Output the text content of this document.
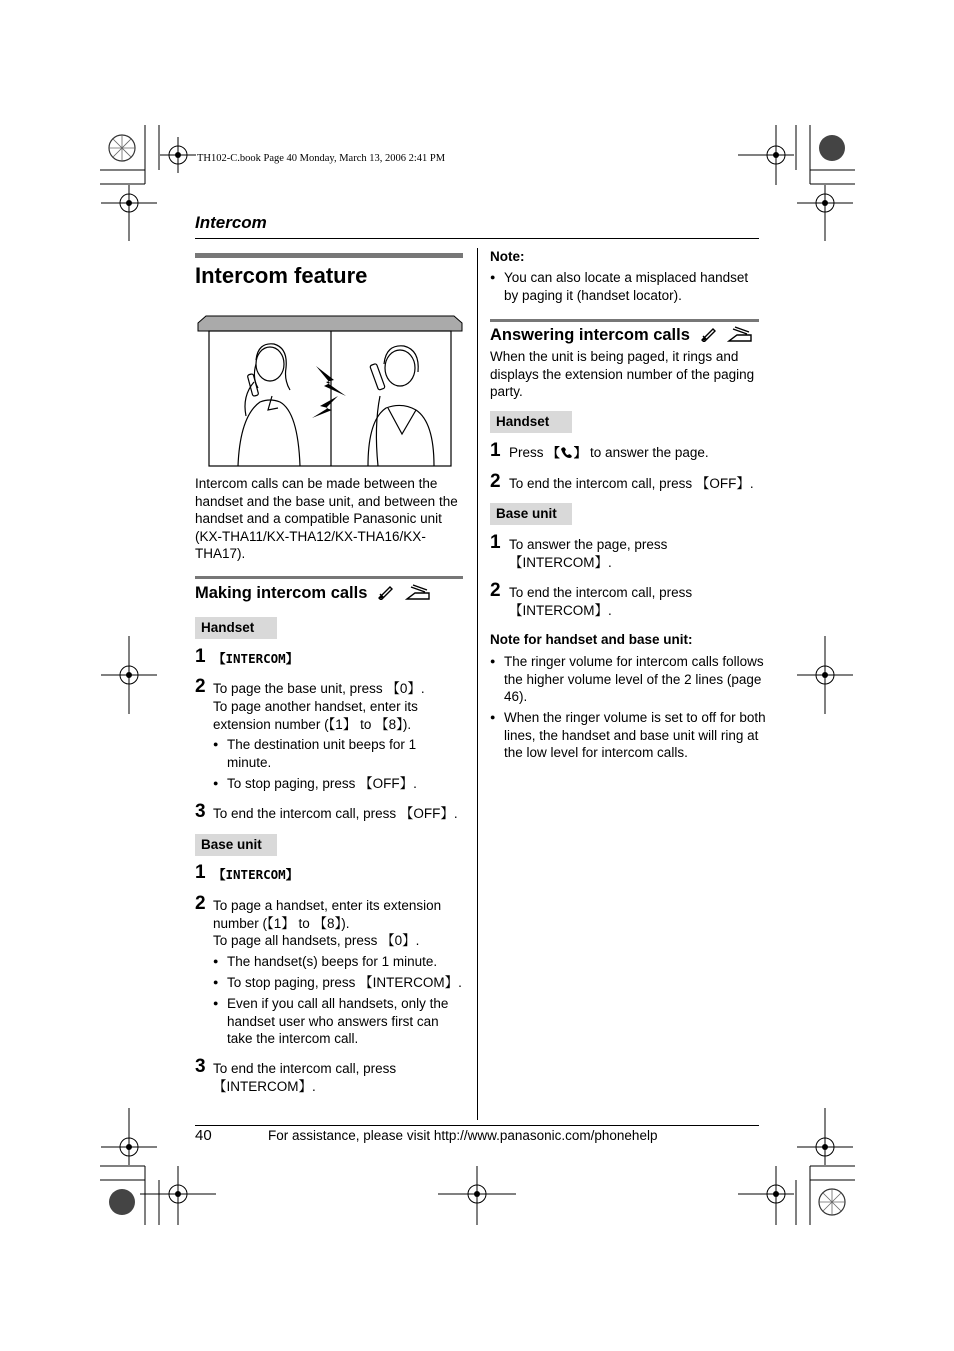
TH102-C.book Page 40 Monday, March 13, 2006 2:41 PM
Intercom
Intercom feature
Intercom calls can be made between the handset and the base unit, and between the handset and a compatible Panasonic unit (KX-THA11/KX-THA12/KX-THA16/KX-THA17).
Making intercom calls
Handset
1 【INTERCOM】
2 To page the base unit, press 【0】.
To page another handset, enter its extension number (【1】 to 【8】).
● The destination unit beeps for 1 minute.
● To stop paging, press 【OFF】.
3 To end the intercom call, press 【OFF】.
Base unit
1 【INTERCOM】
2 To page a handset, enter its extension number (【1】 to 【8】).
To page all handsets, press 【0】.
● The handset(s) beeps for 1 minute.
● To stop paging, press 【INTERCOM】.
● Even if you call all handsets, only the handset user who answers first can take the intercom call.
3 To end the intercom call, press 【INTERCOM】.
Note:
● You can also locate a misplaced handset by paging it (handset locator).
Answering intercom calls
When the unit is being paged, it rings and displays the extension number of the paging party.
Handset
1 Press 【 】 to answer the page.
2 To end the intercom call, press 【OFF】.
Base unit
1 To answer the page, press 【INTERCOM】.
2 To end the intercom call, press 【INTERCOM】.
Note for handset and base unit:
● The ringer volume for intercom calls follows the higher volume level of the 2 lines (page 46).
● When the ringer volume is set to off for both lines, the handset and base unit will ring at the low level for intercom calls.
40	For assistance, please visit http://www.panasonic.com/phonehelp
